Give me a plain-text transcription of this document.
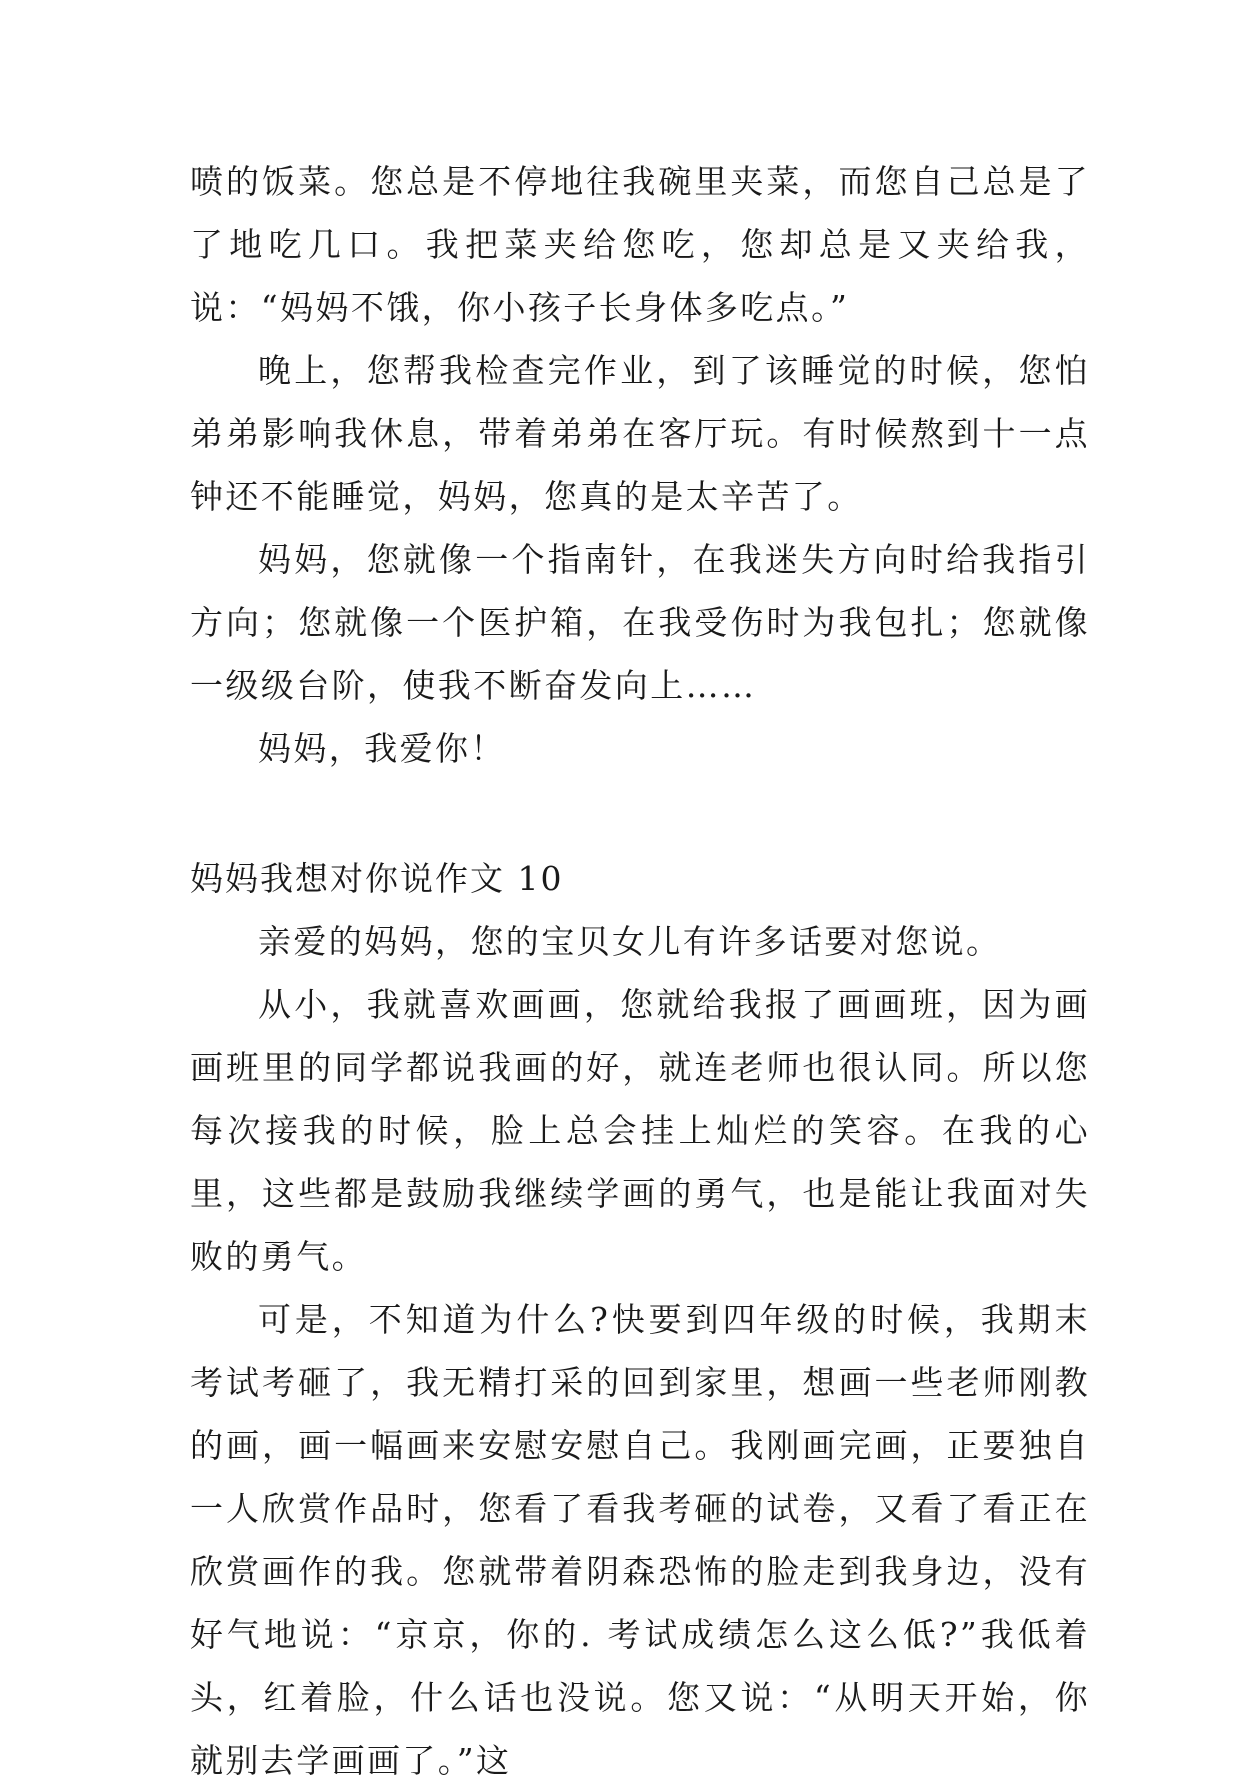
喷的饭菜。您总是不停地往我碗里夹菜，而您自己总是了了地吃几口。我把菜夹给您吃，您却总是又夹给我，说：“妈妈不饿，你小孩子长身体多吃点。”

晚上，您帮我检查完作业，到了该睡觉的时候，您怕弟弟影响我休息，带着弟弟在客厅玩。有时候熬到十一点钟还不能睡觉，妈妈，您真的是太辛苦了。

妈妈，您就像一个指南针，在我迷失方向时给我指引方向；您就像一个医护箱，在我受伤时为我包扎；您就像一级级台阶，使我不断奋发向上……

妈妈，我爱你！

妈妈我想对你说作文 10

亲爱的妈妈，您的宝贝女儿有许多话要对您说。

从小，我就喜欢画画，您就给我报了画画班，因为画画班里的同学都说我画的好，就连老师也很认同。所以您每次接我的时候，脸上总会挂上灿烂的笑容。在我的心里，这些都是鼓励我继续学画的勇气，也是能让我面对失败的勇气。

可是，不知道为什么?快要到四年级的时候，我期末考试考砸了，我无精打采的回到家里，想画一些老师刚教的画，画一幅画来安慰安慰自己。我刚画完画，正要独自一人欣赏作品时，您看了看我考砸的试卷，又看了看正在欣赏画作的我。您就带着阴森恐怖的脸走到我身边，没有好气地说：“京京，你的. 考试成绩怎么这么低?”我低着头，红着脸，什么话也没说。您又说：“从明天开始，你就别去学画画了。”这
